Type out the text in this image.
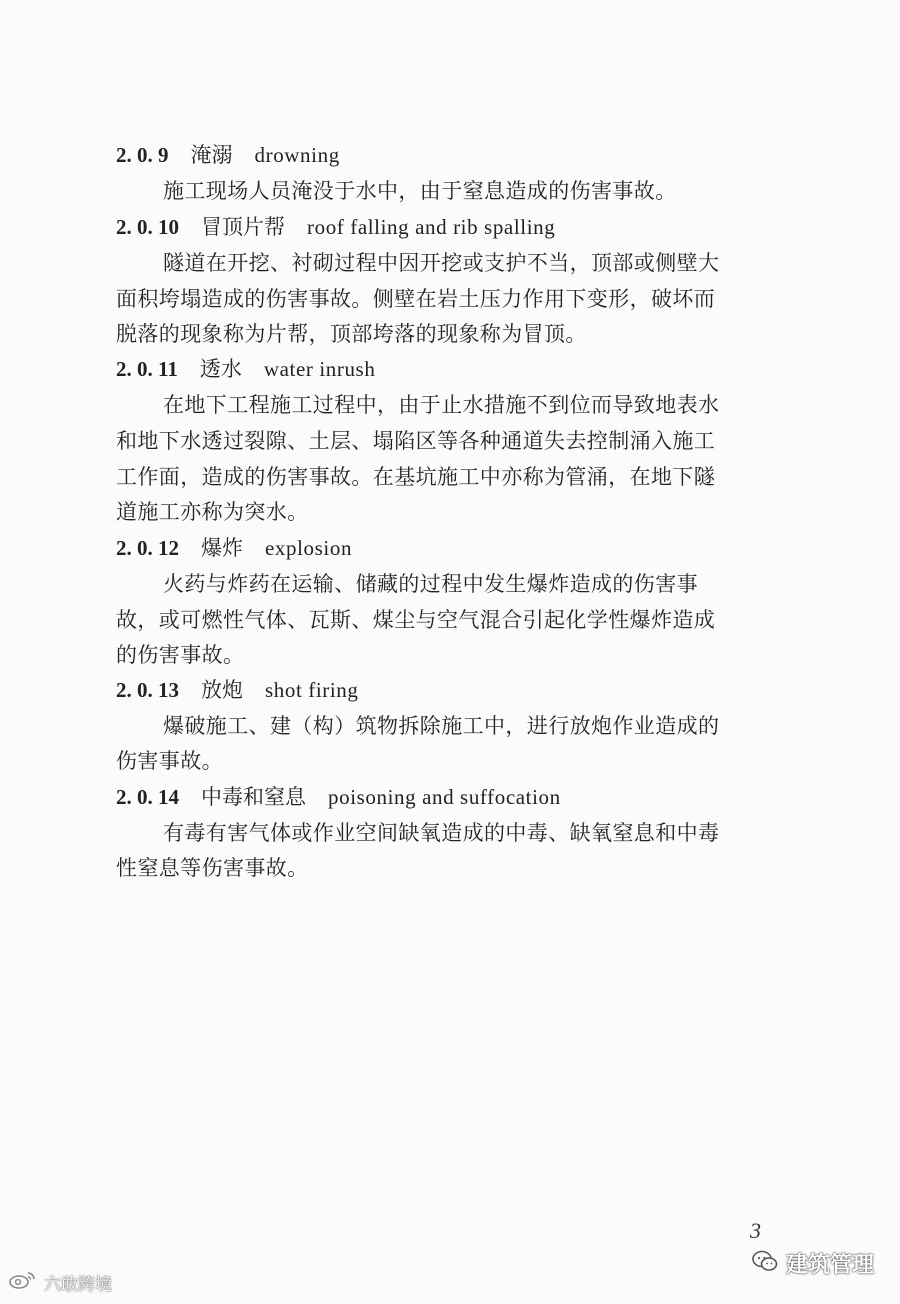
2. 0. 9 淹溺 drowning
施工现场人员淹没于水中，由于窒息造成的伤害事故。
2. 0. 10 冒顶片帮 roof falling and rib spalling
隧道在开挖、衬砌过程中因开挖或支护不当，顶部或侧壁大
面积垮塌造成的伤害事故。侧壁在岩土压力作用下变形，破坏而
脱落的现象称为片帮，顶部垮落的现象称为冒顶。
2. 0. 11 透水 water inrush
在地下工程施工过程中，由于止水措施不到位而导致地表水
和地下水透过裂隙、土层、塌陷区等各种通道失去控制涌入施工
工作面，造成的伤害事故。在基坑施工中亦称为管涌，在地下隧
道施工亦称为突水。
2. 0. 12 爆炸 explosion
火药与炸药在运输、储藏的过程中发生爆炸造成的伤害事
故，或可燃性气体、瓦斯、煤尘与空气混合引起化学性爆炸造成
的伤害事故。
2. 0. 13 放炮 shot firing
爆破施工、建（构）筑物拆除施工中，进行放炮作业造成的
伤害事故。
2. 0. 14 中毒和窒息 poisoning and suffocation
有毒有害气体或作业空间缺氧造成的中毒、缺氧窒息和中毒
性窒息等伤害事故。
3
建筑管理
六敢跨境
